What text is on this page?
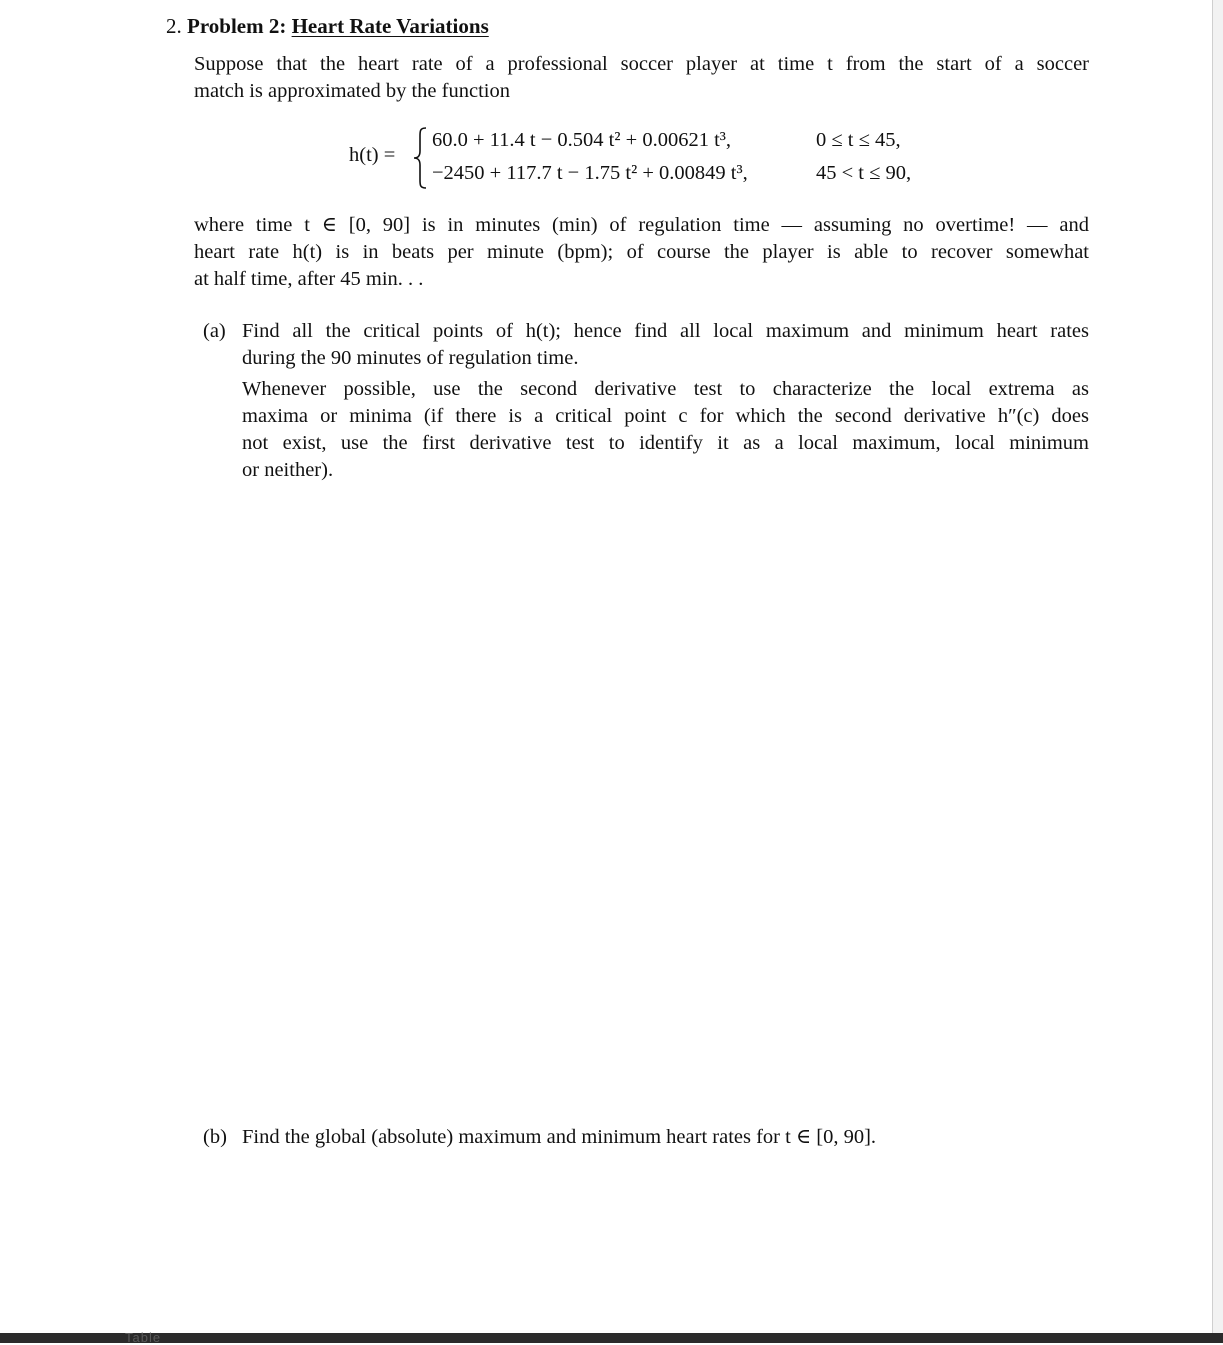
2. Problem 2: Heart Rate Variations
Suppose that the heart rate of a professional soccer player at time t from the start of a soccer
match is approximated by the function
h(t) =
60.0 + 11.4 t − 0.504 t² + 0.00621 t³,	0 ≤ t ≤ 45,
−2450 + 117.7 t − 1.75 t² + 0.00849 t³,	45 < t ≤ 90,
where time t ∈ [0, 90] is in minutes (min) of regulation time — assuming no overtime! — and
heart rate h(t) is in beats per minute (bpm); of course the player is able to recover somewhat
at half time, after 45 min. . .
(a) Find all the critical points of h(t); hence find all local maximum and minimum heart rates
during the 90 minutes of regulation time.
Whenever possible, use the second derivative test to characterize the local extrema as
maxima or minima (if there is a critical point c for which the second derivative h″(c) does
not exist, use the first derivative test to identify it as a local maximum, local minimum
or neither).
(b) Find the global (absolute) maximum and minimum heart rates for t ∈ [0, 90].
Table
